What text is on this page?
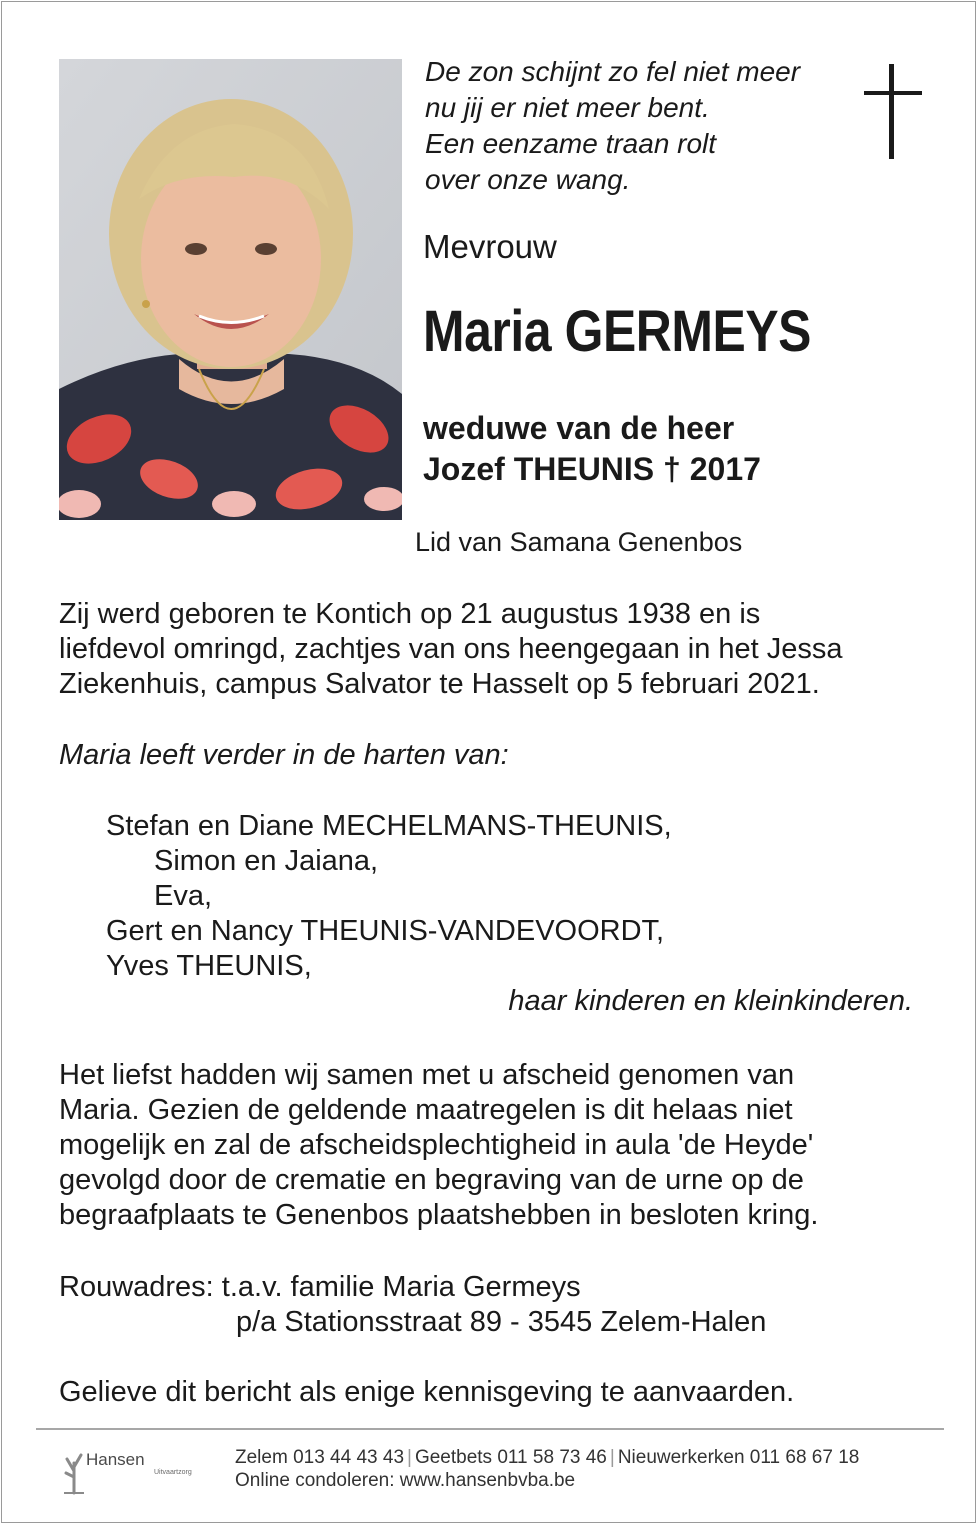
De zon schijnt zo fel niet meer
nu jij er niet meer bent.
Een eenzame traan rolt
over onze wang.
Mevrouw
Maria GERMEYS
weduwe van de heer
Jozef THEUNIS † 2017
Lid van Samana Genenbos
Zij werd geboren te Kontich op 21 augustus 1938 en is
liefdevol omringd, zachtjes van ons heengegaan in het Jessa
Ziekenhuis, campus Salvator te Hasselt op 5 februari 2021.
Maria leeft verder in de harten van:
Stefan en Diane MECHELMANS-THEUNIS,
Simon en Jaiana,
Eva,
Gert en Nancy THEUNIS-VANDEVOORDT,
Yves THEUNIS,
haar kinderen en kleinkinderen.
Het liefst hadden wij samen met u afscheid genomen van
Maria. Gezien de geldende maatregelen is dit helaas niet
mogelijk en zal de afscheidsplechtigheid in aula 'de Heyde'
gevolgd door de crematie en begraving van de urne op de
begraafplaats te Genenbos plaatshebben in besloten kring.
Rouwadres: t.a.v. familie Maria Germeys
p/a Stationsstraat 89 - 3545 Zelem-Halen
Gelieve dit bericht als enige kennisgeving te aanvaarden.
Hansen
Uitvaartzorg
Zelem 013 44 43 43 | Geetbets 011 58 73 46 | Nieuwerkerken 011 68 67 18
Online condoleren: www.hansenbvba.be
